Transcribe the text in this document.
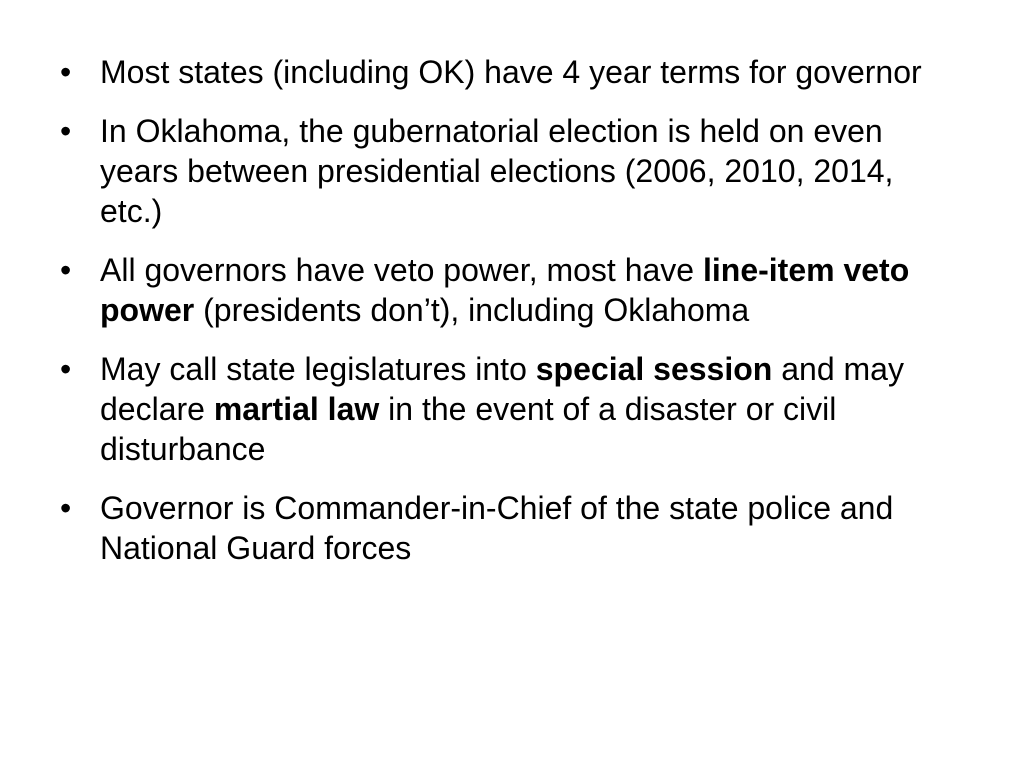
• Most states (including OK) have 4 year terms for governor
• In Oklahoma, the gubernatorial election is held on even years between presidential elections (2006, 2010, 2014, etc.)
• All governors have veto power, most have line-item veto power (presidents don’t), including Oklahoma
• May call state legislatures into special session and may declare martial law in the event of a disaster or civil disturbance
• Governor is Commander-in-Chief of the state police and National Guard forces
